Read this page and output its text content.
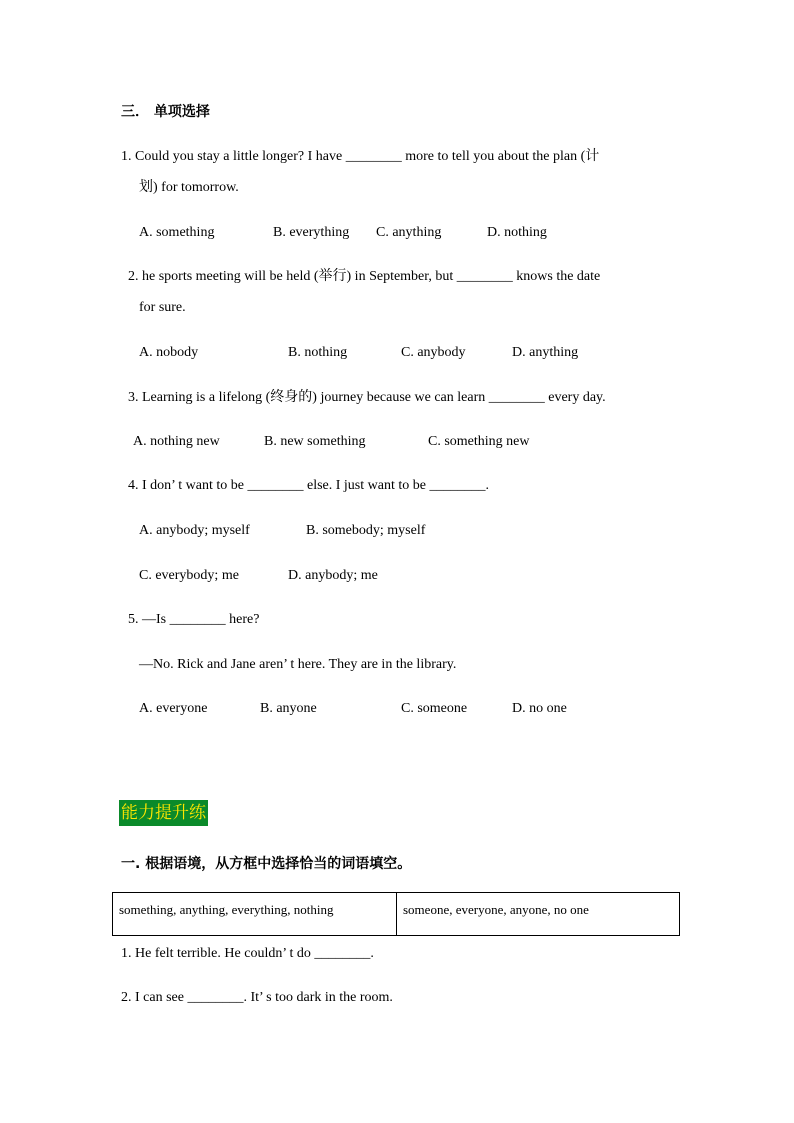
三． 单项选择
1. Could you stay a little longer? I have ________ more to tell you about the plan (计
划) for tomorrow.
A. something	B. everything C. anything	D. nothing
2. he sports meeting will be held (举行) in September, but ________ knows the date
for sure.
A. nobody	B. nothing	C. anybody	D. anything
3. Learning is a lifelong (终身的) journey because we can learn ________ every day.
A. nothing new	B. new something	C. something new
4. I don’ t want to be ________ else. I just want to be ________.
A. anybody; myself	B. somebody; myself
C. everybody; me	D. anybody; me
5. —Is ________ here?
—No. Rick and Jane aren’ t here. They are in the library.
A. everyone	B. anyone	C. someone	D. no one
能力提升练
一. 根据语境，从方框中选择恰当的词语填空。
something, anything, everything, nothing	someone, everyone, anyone, no one
1. He felt terrible. He couldn’ t do ________.
2. I can see ________. It’ s too dark in the room.
